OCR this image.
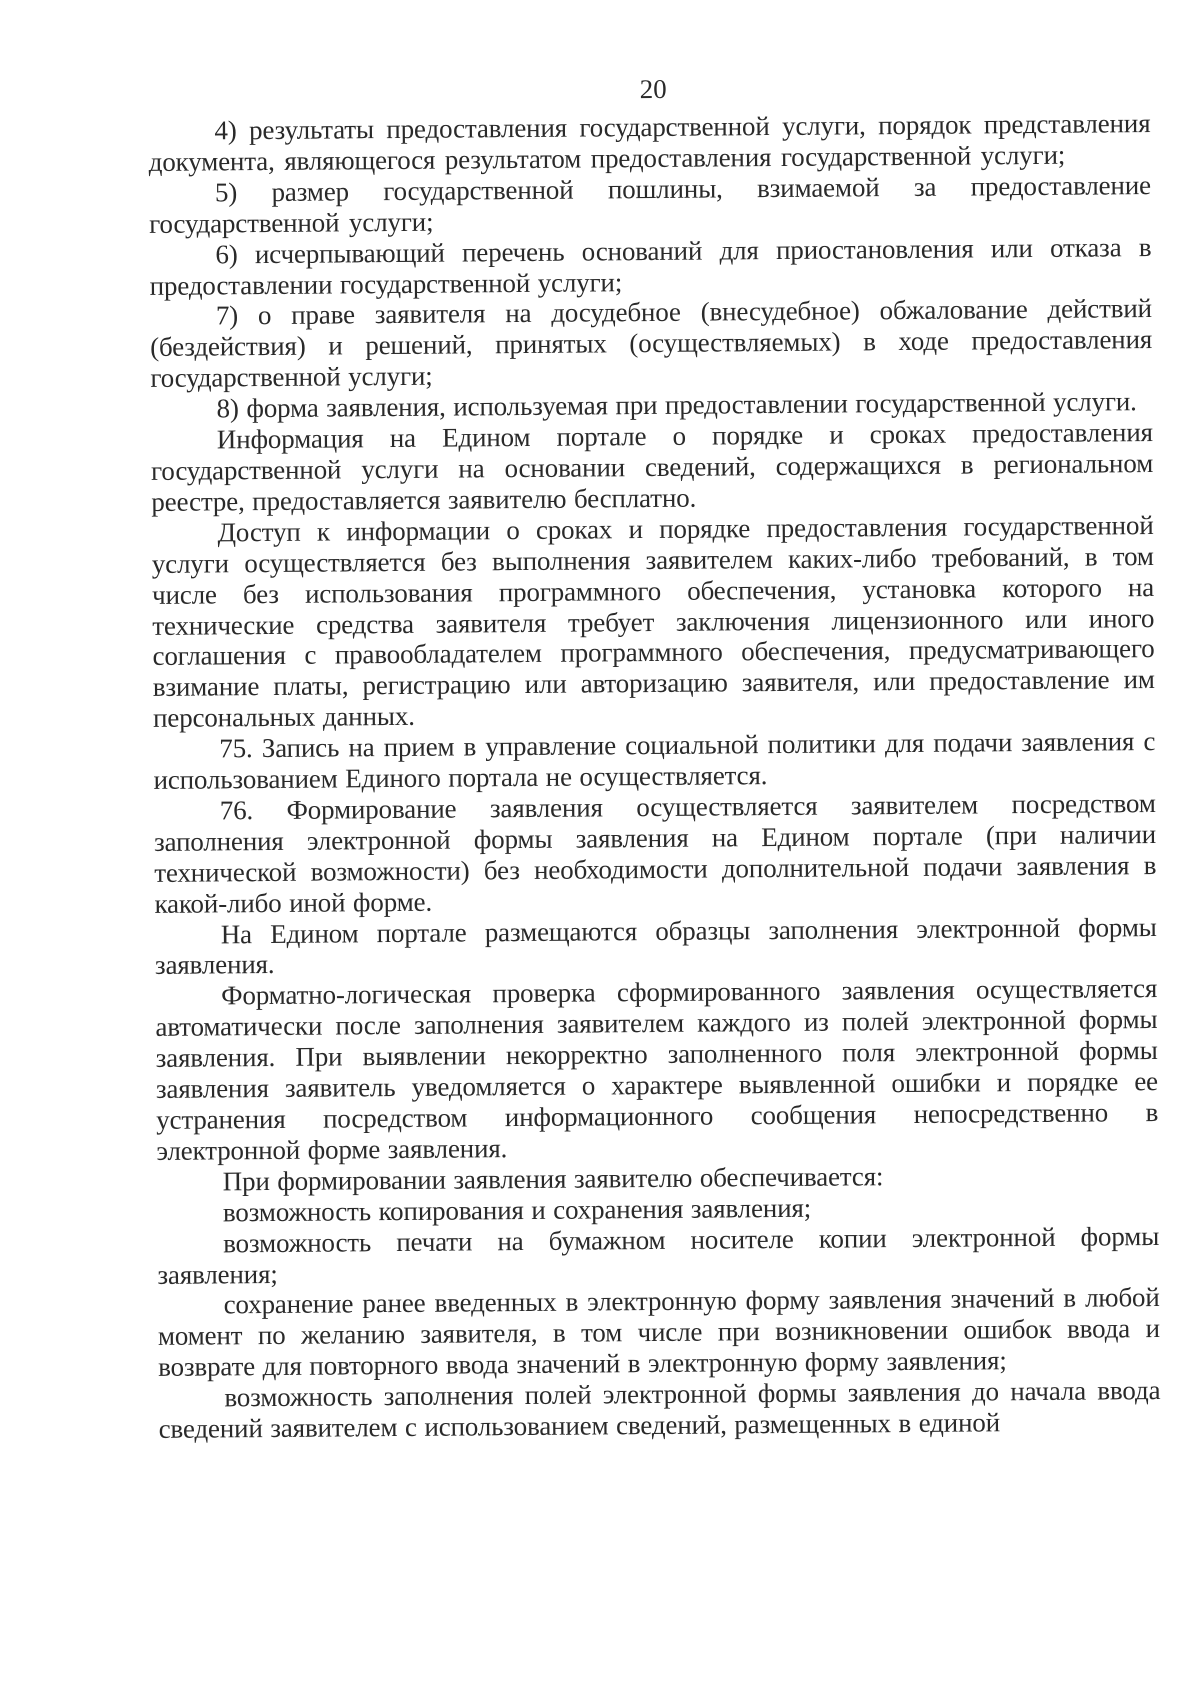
20

4) результаты предоставления государственной услуги, порядок представления документа, являющегося результатом предоставления государственной услуги;

5) размер государственной пошлины, взимаемой за предоставление государственной услуги;

6) исчерпывающий перечень оснований для приостановления или отказа в предоставлении государственной услуги;

7) о праве заявителя на досудебное (внесудебное) обжалование действий (бездействия) и решений, принятых (осуществляемых) в ходе предоставления государственной услуги;

8) форма заявления, используемая при предоставлении государственной услуги.

Информация на Едином портале о порядке и сроках предоставления государственной услуги на основании сведений, содержащихся в региональном реестре, предоставляется заявителю бесплатно.

Доступ к информации о сроках и порядке предоставления государственной услуги осуществляется без выполнения заявителем каких-либо требований, в том числе без использования программного обеспечения, установка которого на технические средства заявителя требует заключения лицензионного или иного соглашения с правообладателем программного обеспечения, предусматривающего взимание платы, регистрацию или авторизацию заявителя, или предоставление им персональных данных.

75. Запись на прием в управление социальной политики для подачи заявления с использованием Единого портала не осуществляется.

76. Формирование заявления осуществляется заявителем посредством заполнения электронной формы заявления на Едином портале (при наличии технической возможности) без необходимости дополнительной подачи заявления в какой-либо иной форме.

На Едином портале размещаются образцы заполнения электронной формы заявления.

Форматно-логическая проверка сформированного заявления осуществляется автоматически после заполнения заявителем каждого из полей электронной формы заявления. При выявлении некорректно заполненного поля электронной формы заявления заявитель уведомляется о характере выявленной ошибки и порядке ее устранения посредством информационного сообщения непосредственно в электронной форме заявления.

При формировании заявления заявителю обеспечивается:

возможность копирования и сохранения заявления;

возможность печати на бумажном носителе копии электронной формы заявления;

сохранение ранее введенных в электронную форму заявления значений в любой момент по желанию заявителя, в том числе при возникновении ошибок ввода и возврате для повторного ввода значений в электронную форму заявления;

возможность заполнения полей электронной формы заявления до начала ввода сведений заявителем с использованием сведений, размещенных в единой
